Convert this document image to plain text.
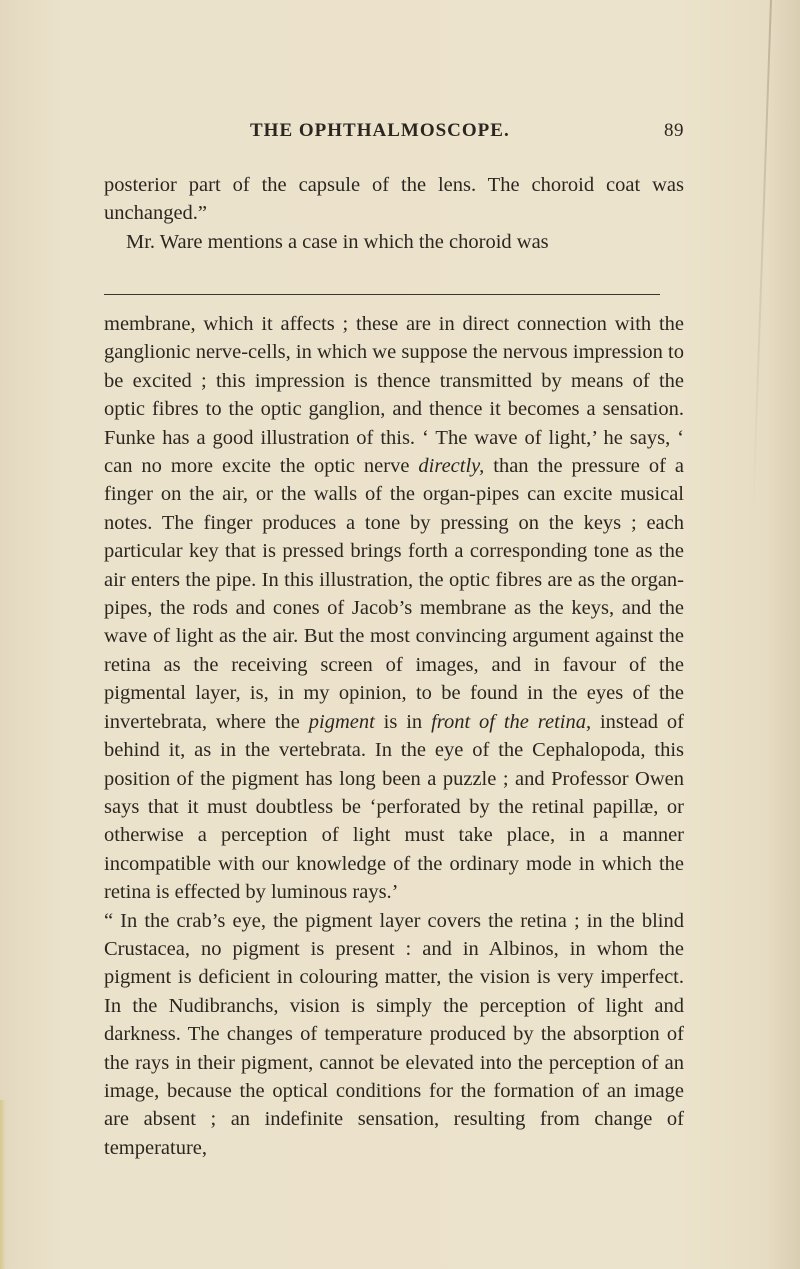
THE OPHTHALMOSCOPE.	89

posterior part of the capsule of the lens. The choroid coat was unchanged.”

Mr. Ware mentions a case in which the choroid was

membrane, which it affects ; these are in direct connection with the ganglionic nerve-cells, in which we suppose the nervous impression to be excited ; this impression is thence transmitted by means of the optic fibres to the optic ganglion, and thence it becomes a sensation. Funke has a good illustration of this. ‘ The wave of light,’ he says, ‘ can no more excite the optic nerve directly, than the pressure of a finger on the air, or the walls of the organ-pipes can excite musical notes. The finger produces a tone by pressing on the keys ; each particular key that is pressed brings forth a corresponding tone as the air enters the pipe. In this illustration, the optic fibres are as the organ-pipes, the rods and cones of Jacob’s membrane as the keys, and the wave of light as the air. But the most convincing argument against the retina as the receiving screen of images, and in favour of the pigmental layer, is, in my opinion, to be found in the eyes of the invertebrata, where the pigment is in front of the retina, instead of behind it, as in the vertebrata. In the eye of the Cephalopoda, this position of the pigment has long been a puzzle ; and Professor Owen says that it must doubtless be ‘perforated by the retinal papillæ, or otherwise a perception of light must take place, in a manner incompatible with our knowledge of the ordinary mode in which the retina is effected by luminous rays.’

“ In the crab’s eye, the pigment layer covers the retina ; in the blind Crustacea, no pigment is present : and in Albinos, in whom the pigment is deficient in colouring matter, the vision is very imperfect. In the Nudibranchs, vision is simply the perception of light and darkness. The changes of temperature produced by the absorption of the rays in their pigment, cannot be elevated into the perception of an image, because the optical conditions for the formation of an image are absent ; an indefinite sensation, resulting from change of temperature,
